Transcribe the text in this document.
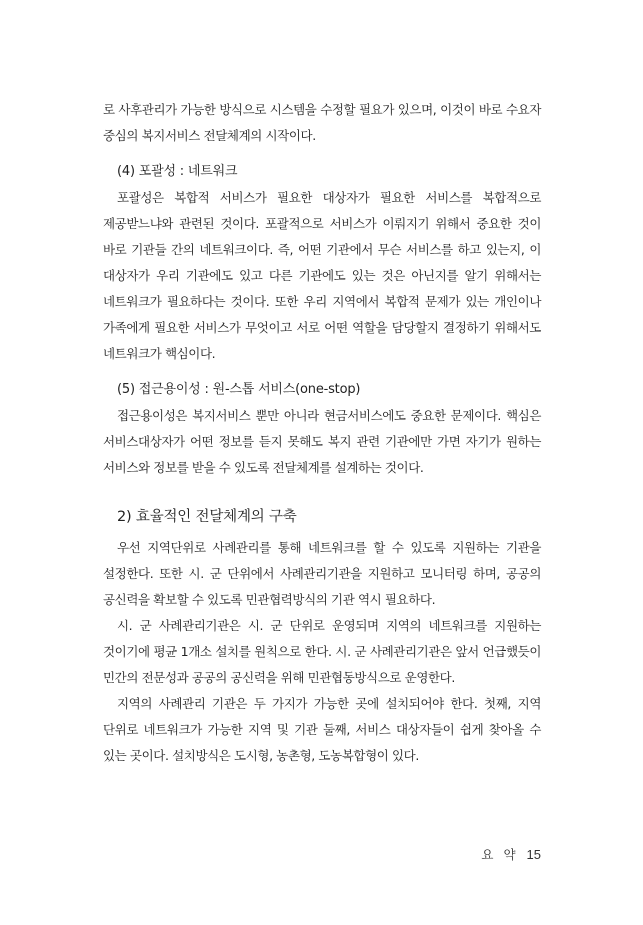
로 사후관리가 가능한 방식으로 시스템을 수정할 필요가 있으며, 이것이 바로 수요자 중심의 복지서비스 전달체계의 시작이다.

(4) 포괄성 : 네트워크

포괄성은 복합적 서비스가 필요한 대상자가 필요한 서비스를 복합적으로 제공받느냐와 관련된 것이다. 포괄적으로 서비스가 이뤄지기 위해서 중요한 것이 바로 기관들 간의 네트워크이다. 즉, 어떤 기관에서 무슨 서비스를 하고 있는지, 이 대상자가 우리 기관에도 있고 다른 기관에도 있는 것은 아닌지를 알기 위해서는 네트워크가 필요하다는 것이다. 또한 우리 지역에서 복합적 문제가 있는 개인이나 가족에게 필요한 서비스가 무엇이고 서로 어떤 역할을 담당할지 결정하기 위해서도 네트워크가 핵심이다.

(5) 접근용이성 : 원-스톱 서비스(one-stop)

접근용이성은 복지서비스 뿐만 아니라 현금서비스에도 중요한 문제이다. 핵심은 서비스대상자가 어떤 정보를 듣지 못해도 복지 관련 기관에만 가면 자기가 원하는 서비스와 정보를 받을 수 있도록 전달체계를 설계하는 것이다.

2) 효율적인 전달체계의 구축

우선 지역단위로 사례관리를 통해 네트워크를 할 수 있도록 지원하는 기관을 설정한다. 또한 시. 군 단위에서 사례관리기관을 지원하고 모니터링 하며, 공공의 공신력을 확보할 수 있도록 민관협력방식의 기관 역시 필요하다.

시. 군 사례관리기관은 시. 군 단위로 운영되며 지역의 네트워크를 지원하는 것이기에 평균 1개소 설치를 원칙으로 한다. 시. 군 사례관리기관은 앞서 언급했듯이 민간의 전문성과 공공의 공신력을 위해 민관협동방식으로 운영한다.

지역의 사례관리 기관은 두 가지가 가능한 곳에 설치되어야 한다. 첫째, 지역 단위로 네트워크가 가능한 지역 및 기관 둘째, 서비스 대상자들이 쉽게 찾아올 수 있는 곳이다. 설치방식은 도시형, 농촌형, 도농복합형이 있다.

요 약 15
